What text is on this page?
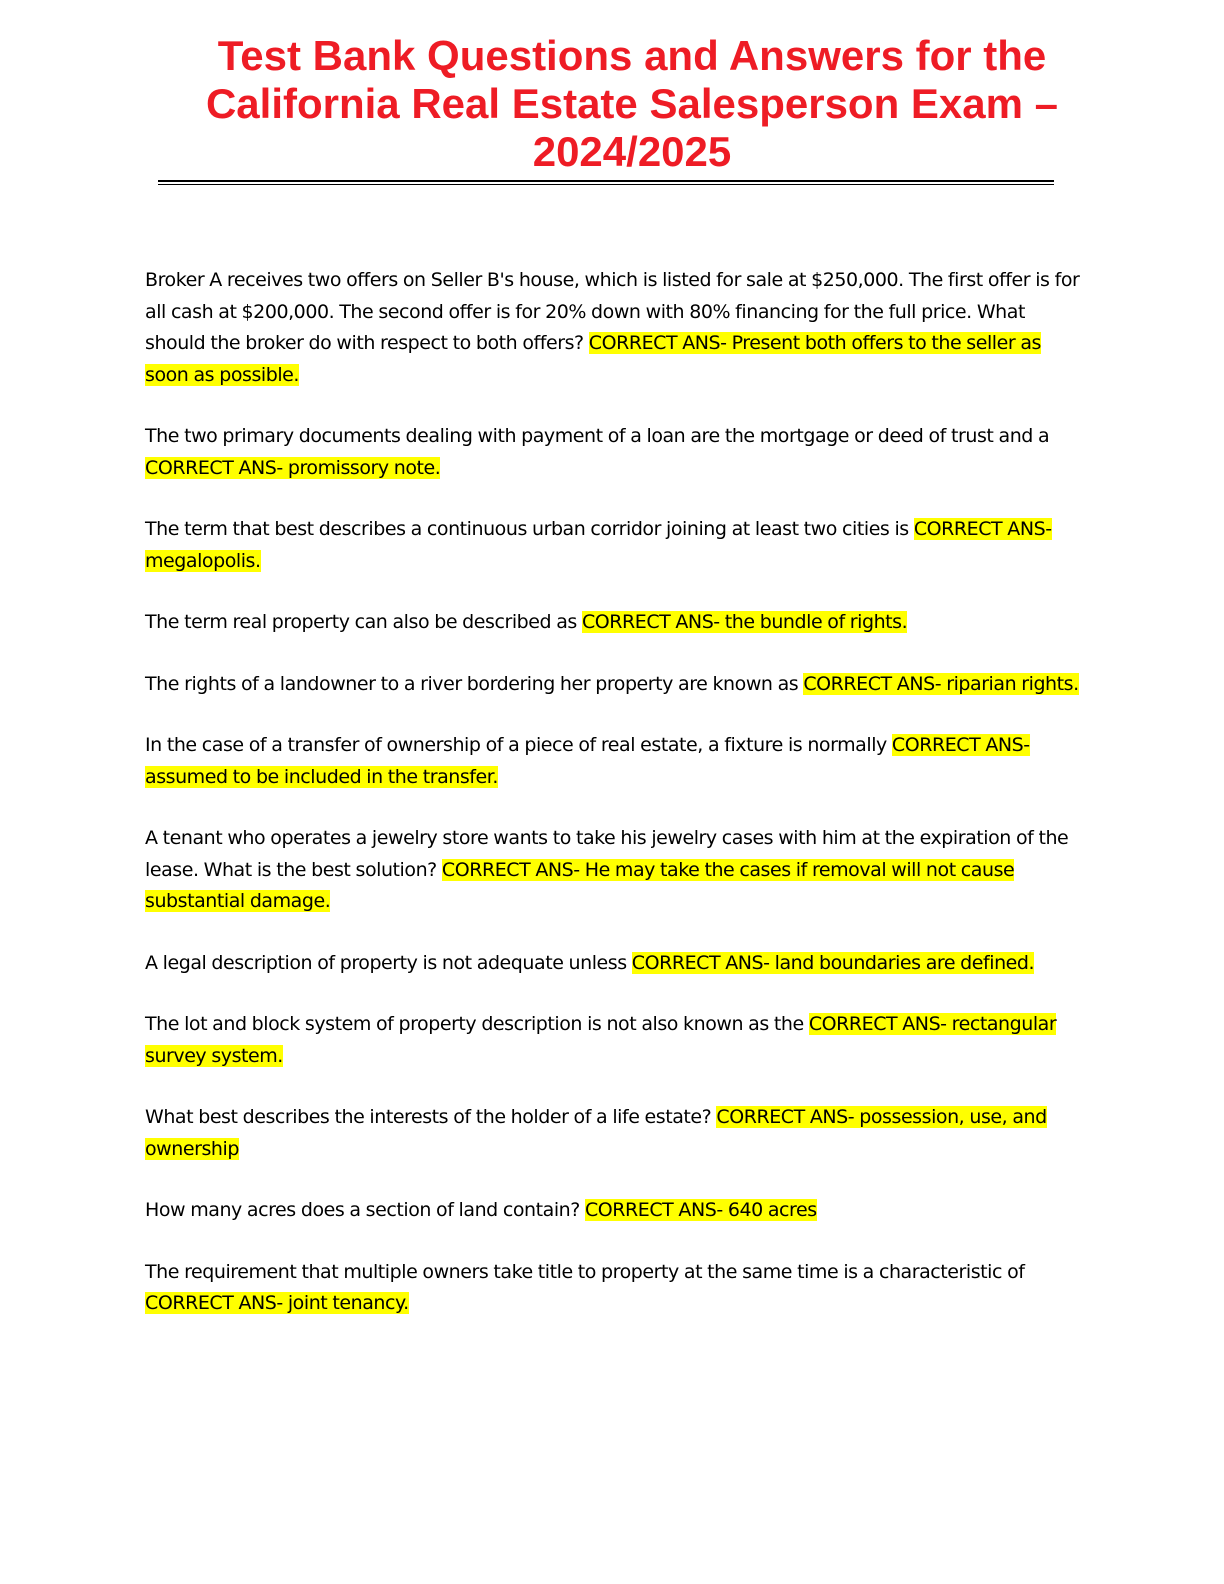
Test Bank Questions and Answers for the California Real Estate Salesperson Exam – 2024/2025

Broker A receives two offers on Seller B's house, which is listed for sale at $250,000. The first offer is for all cash at $200,000. The second offer is for 20% down with 80% financing for the full price. What should the broker do with respect to both offers? CORRECT ANS- Present both offers to the seller as soon as possible.

The two primary documents dealing with payment of a loan are the mortgage or deed of trust and a CORRECT ANS- promissory note.

The term that best describes a continuous urban corridor joining at least two cities is CORRECT ANS- megalopolis.

The term real property can also be described as CORRECT ANS- the bundle of rights.

The rights of a landowner to a river bordering her property are known as CORRECT ANS- riparian rights.

In the case of a transfer of ownership of a piece of real estate, a fixture is normally CORRECT ANS- assumed to be included in the transfer.

A tenant who operates a jewelry store wants to take his jewelry cases with him at the expiration of the lease. What is the best solution? CORRECT ANS- He may take the cases if removal will not cause substantial damage.

A legal description of property is not adequate unless CORRECT ANS- land boundaries are defined.

The lot and block system of property description is not also known as the CORRECT ANS- rectangular survey system.

What best describes the interests of the holder of a life estate? CORRECT ANS- possession, use, and ownership

How many acres does a section of land contain? CORRECT ANS- 640 acres

The requirement that multiple owners take title to property at the same time is a characteristic of CORRECT ANS- joint tenancy.
